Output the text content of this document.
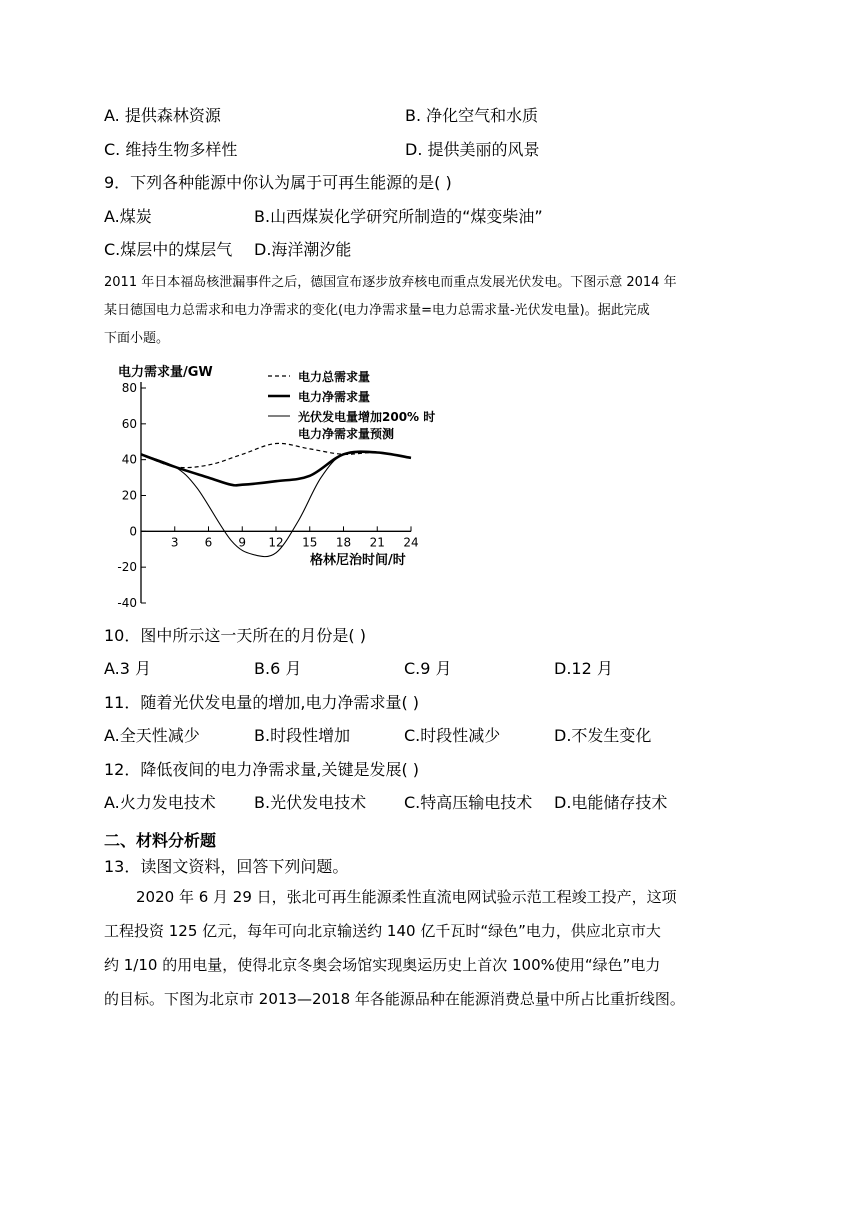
A. 提供森林资源	B. 净化空气和水质
C. 维持生物多样性	D. 提供美丽的风景
9．下列各种能源中你认为属于可再生能源的是( )
A.煤炭	B.山西煤炭化学研究所制造的“煤变柴油”
C.煤层中的煤层气 D.海洋潮汐能
2011 年日本福岛核泄漏事件之后，德国宣布逐步放弃核电而重点发展光伏发电。下图示意 2014 年
某日德国电力总需求和电力净需求的变化(电力净需求量=电力总需求量-光伏发电量)。据此完成
下面小题。
80
60
40
20
0
-20
-40
3 6 9 12 15 18 21 24
电力需求量/GW
格林尼治时间/时
电力总需求量
电力净需求量
光伏发电量增加200% 时
电力净需求量预测
10．图中所示这一天所在的月份是( )
A.3 月	B.6 月	C.9 月	D.12 月
11．随着光伏发电量的增加,电力净需求量( )
A.全天性减少	B.时段性增加	C.时段性减少	D.不发生变化
12．降低夜间的电力净需求量,关键是发展( )
A.火力发电技术 B.光伏发电技术 C.特高压输电技术 D.电能储存技术
二、材料分析题
13．读图文资料，回答下列问题。
2020 年 6 月 29 日，张北可再生能源柔性直流电网试验示范工程竣工投产，这项
工程投资 125 亿元，每年可向北京输送约 140 亿千瓦时“绿色”电力，供应北京市大
约 1/10 的用电量，使得北京冬奥会场馆实现奥运历史上首次 100%使用“绿色”电力
的目标。下图为北京市 2013—2018 年各能源品种在能源消费总量中所占比重折线图。
